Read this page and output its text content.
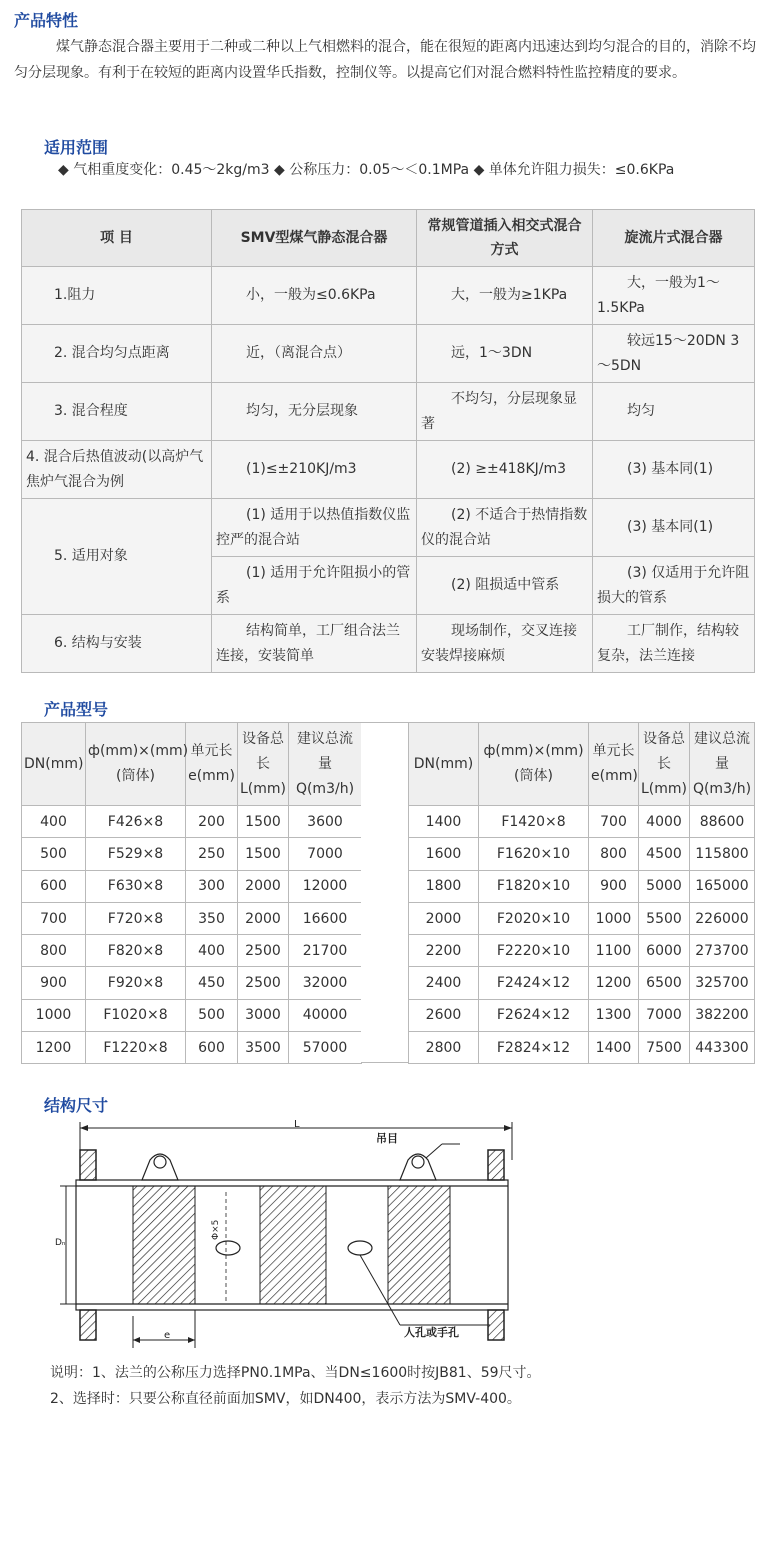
产品特性

煤气静态混合器主要用于二种或二种以上气相燃料的混合，能在很短的距离内迅速达到均匀混合的目的，消除不均匀分层现象。有利于在较短的距离内设置华氏指数，控制仪等。以提高它们对混合燃料特性监控精度的要求。

适用范围
◆ 气相重度变化：0.45～2kg/m3 ◆ 公称压力：0.05～＜0.1MPa ◆ 单体允许阻力损失：≤0.6KPa
项 目	SMV型煤气静态混合器	常规管道插入相交式混合方式	旋流片式混合器
1.阻力	小，一般为≤0.6KPa	大，一般为≥1KPa	大，一般为1～1.5KPa
2. 混合均匀点距离	近，（离混合点）	远，1～3DN	较远15～20DN 3～5DN
3. 混合程度	均匀，无分层现象	不均匀，分层现象显著	均匀
4. 混合后热值波动(以高炉气焦炉气混合为例	(1)≤±210KJ/m3	(2) ≥±418KJ/m3	(3) 基本同(1)
5. 适用对象	(1) 适用于以热值指数仪监控严的混合站	(2) 不适合于热情指数仪的混合站	(3) 基本同(1)
	(1) 适用于允许阻损小的管系	(2) 阻损适中管系	(3) 仅适用于允许阻损大的管系
6. 结构与安装	结构简单，工厂组合法兰连接，安装简单	现场制作，交叉连接安装焊接麻烦	工厂制作，结构较复杂，法兰连接
产品型号
DN(mm)	ф(mm)×(mm)(筒体)	单元长e(mm)	设备总长L(mm)	建议总流量Q(m3/h)
400	F426×8	200	1500	3600
500	F529×8	250	1500	7000
600	F630×8	300	2000	12000
700	F720×8	350	2000	16600
800	F820×8	400	2500	21700
900	F920×8	450	2500	32000
1000	F1020×8	500	3000	40000
1200	F1220×8	600	3500	57000
DN(mm)	ф(mm)×(mm)(筒体)	单元长e(mm)	设备总长L(mm)	建议总流量Q(m3/h)
1400	F1420×8	700	4000	88600
1600	F1620×10	800	4500	115800
1800	F1820×10	900	5000	165000
2000	F2020×10	1000	5500	226000
2200	F2220×10	1100	6000	273700
2400	F2424×12	1200	6500	325700
2600	F2624×12	1300	7000	382200
2800	F2824×12	1400	7500	443300
结构尺寸
L
吊目
Dₙ
Φ×5
人孔或手孔
e

说明：1、法兰的公称压力选择PN0.1MPa、当DN≤1600时按JB81、59尺寸。

2、选择时：只要公称直径前面加SMV，如DN400，表示方法为SMV-400。
